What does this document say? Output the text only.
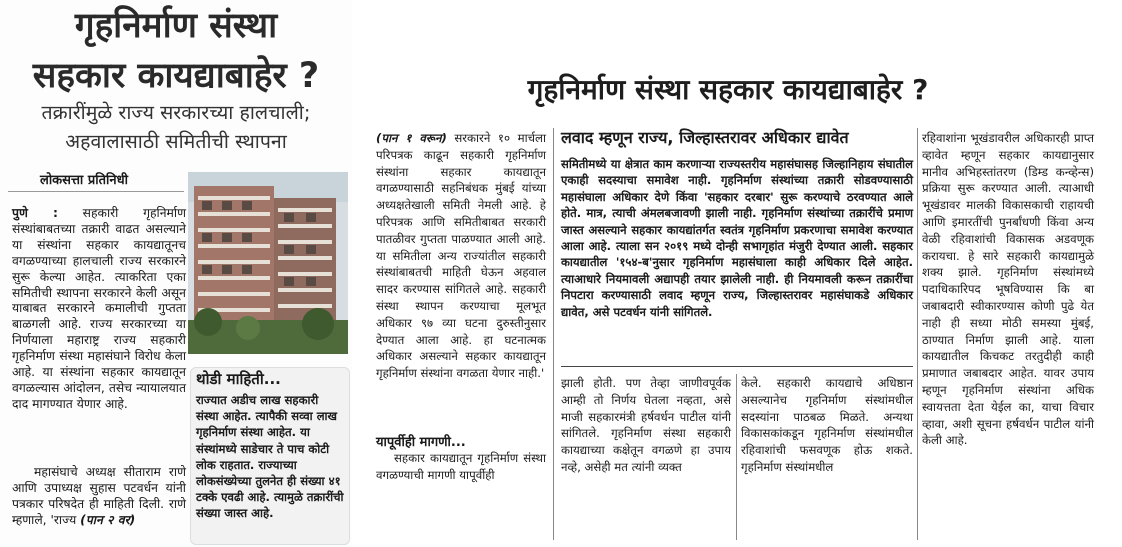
गृहनिर्माण संस्था
सहकार कायद्याबाहेर ?
तक्रारींमुळे राज्य सरकारच्या हालचाली;
अहवालासाठी समितीची स्थापना
लोकसत्ता प्रतिनिधी
पुणे : सहकारी गृहनिर्माण संस्थांबाबतच्या तक्रारी वाढत असल्याने या संस्थांना सहकार कायद्यातूनच वगळण्याच्या हालचाली राज्य सरकारने सुरू केल्या आहेत. त्याकरिता एका समितीची स्थापना सरकारने केली असून याबाबत सरकारने कमालीची गुप्तता बाळगली आहे. राज्य सरकारच्या या निर्णयाला महाराष्ट्र राज्य सहकारी गृहनिर्माण संस्था महासंघाने विरोध केला आहे. या संस्थांना सहकार कायद्यातून वगळल्यास आंदोलन, तसेच न्यायालयात दाद मागण्यात येणार आहे.
महासंघाचे अध्यक्ष सीताराम राणे आणि उपाध्यक्ष सुहास पटवर्धन यांनी पत्रकार परिषदेत ही माहिती दिली. राणे म्हणाले, 'राज्य (पान २ वर)
थोडी माहिती...
राज्यात अडीच लाख सहकारी संस्था आहेत. त्यापैकी सव्वा लाख गृहनिर्माण संस्था आहेत. या संस्थांमध्ये साडेचार ते पाच कोटी लोक राहतात. राज्याच्या लोकसंख्येच्या तुलनेत ही संख्या ४१ टक्के एवढी आहे. त्यामुळे तक्रारींची संख्या जास्त आहे.
गृहनिर्माण संस्था सहकार कायद्याबाहेर ?
(पान १ वरून) सरकारने १० मार्चला परिपत्रक काढून सहकारी गृहनिर्माण संस्थांना सहकार कायद्यातून वगळण्यासाठी सहनिबंधक मुंबई यांच्या अध्यक्षतेखाली समिती नेमली आहे. हे परिपत्रक आणि समितीबाबत सरकारी पातळीवर गुप्तता पाळण्यात आली आहे. या समितीला अन्य राज्यांतील सहकारी संस्थांबाबतची माहिती घेऊन अहवाल सादर करण्यास सांगितले आहे. सहकारी संस्था स्थापन करण्याचा मूलभूत अधिकार ९७ व्या घटना दुरुस्तीनुसार देण्यात आला आहे. हा घटनात्मक अधिकार असल्याने सहकार कायद्यातून गृहनिर्माण संस्थांना वगळता येणार नाही.'
यापूर्वीही मागणी...
सहकार कायद्यातून गृहनिर्माण संस्था वगळण्याची मागणी यापूर्वीही
लवाद म्हणून राज्य, जिल्हास्तरावर अधिकार द्यावेत
समितीमध्ये या क्षेत्रात काम करणाऱ्या राज्यस्तरीय महासंघासह जिल्हानिहाय संघातील एकाही सदस्याचा समावेश नाही. गृहनिर्माण संस्थांच्या तक्रारी सोडवण्यासाठी महासंघाला अधिकार देणे किंवा 'सहकार दरबार' सुरू करण्याचे ठरवण्यात आले होते. मात्र, त्याची अंमलबजावणी झाली नाही. गृहनिर्माण संस्थांच्या तक्रारींचे प्रमाण जास्त असल्याने सहकार कायद्यांतर्गत स्वतंत्र गृहनिर्माण प्रकरणाचा समावेश करण्यात आला आहे. त्याला सन २०१९ मध्ये दोन्ही सभागृहांत मंजुरी देण्यात आली. सहकार कायद्यातील '१५४-ब'नुसार गृहनिर्माण महासंघाला काही अधिकार दिले आहेत. त्याआधारे नियमावली अद्यापही तयार झालेली नाही. ही नियमावली करून तक्रारींचा निपटारा करण्यासाठी लवाद म्हणून राज्य, जिल्हास्तरावर महासंघाकडे अधिकार द्यावेत, असे पटवर्धन यांनी सांगितले.
झाली होती. पण तेव्हा जाणीवपूर्वक आम्ही तो निर्णय घेतला नव्हता, असे माजी सहकारमंत्री हर्षवर्धन पाटील यांनी सांगितले. गृहनिर्माण संस्था सहकारी कायद्याच्या कक्षेतून वगळणे हा उपाय नव्हे, असेही मत त्यांनी व्यक्त
केले. सहकारी कायद्याचे अधिष्ठान असल्यानेच गृहनिर्माण संस्थांमधील सदस्यांना पाठबळ मिळते. अन्यथा विकासकांकडून गृहनिर्माण संस्थांमधील रहिवाशांची फसवणूक होऊ शकते. गृहनिर्माण संस्थांमधील
रहिवाशांना भूखंडावरील अधिकारही प्राप्त व्हावेत म्हणून सहकार कायद्यानुसार मानीव अभिहस्तांतरण (डिम्ड कन्व्हेन्स) प्रक्रिया सुरू करण्यात आली. त्याआधी भूखंडावर मालकी विकासकाची राहायची आणि इमारतींची पुनर्बांधणी किंवा अन्य वेळी रहिवाशांची विकासक अडवणूक करायचा. हे सारे सहकारी कायद्यामुळे शक्य झाले. गृहनिर्माण संस्थांमध्ये पदाधिकारिपद भूषविण्यास कि बा जबाबदारी स्वीकारण्यास कोणी पुढे येत नाही ही सध्या मोठी समस्या मुंबई, ठाण्यात निर्माण झाली आहे. याला कायद्यातील किचकट तरतुदीही काही प्रमाणात जबाबदार आहेत. यावर उपाय म्हणून गृहनिर्माण संस्थांना अधिक स्वायत्तता देता येईल का, याचा विचार व्हावा, अशी सूचना हर्षवर्धन पाटील यांनी केली आहे.
